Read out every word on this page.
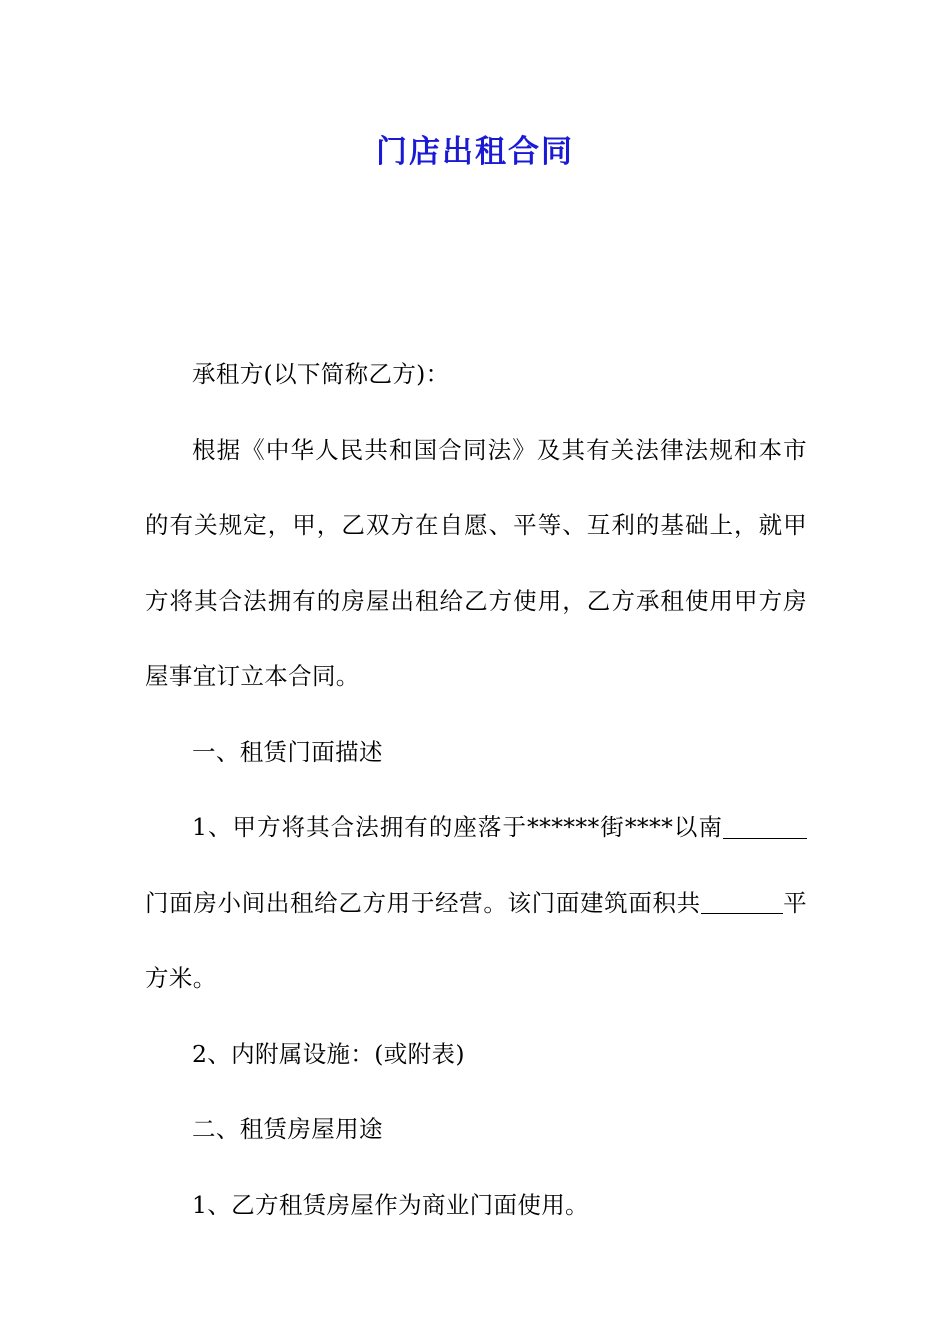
门店出租合同

承租方(以下简称乙方)：

根据《中华人民共和国合同法》及其有关法律法规和本市的有关规定，甲，乙双方在自愿、平等、互利的基础上，就甲方将其合法拥有的房屋出租给乙方使用，乙方承租使用甲方房屋事宜订立本合同。

一、租赁门面描述

1、甲方将其合法拥有的座落于******街****以南门面房小间出租给乙方用于经营。该门面建筑面积共	平方米。

2、内附属设施：(或附表)

二、租赁房屋用途

1、乙方租赁房屋作为商业门面使用。
